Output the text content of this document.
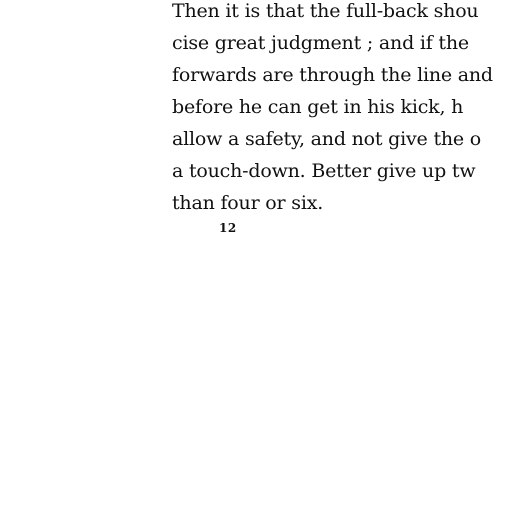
Then it is that the full-back shou
cise great judgment ; and if the
forwards are through the line and
before he can get in his kick, h
allow a safety, and not give the o
a touch-down. Better give up tw
than four or six.
12
